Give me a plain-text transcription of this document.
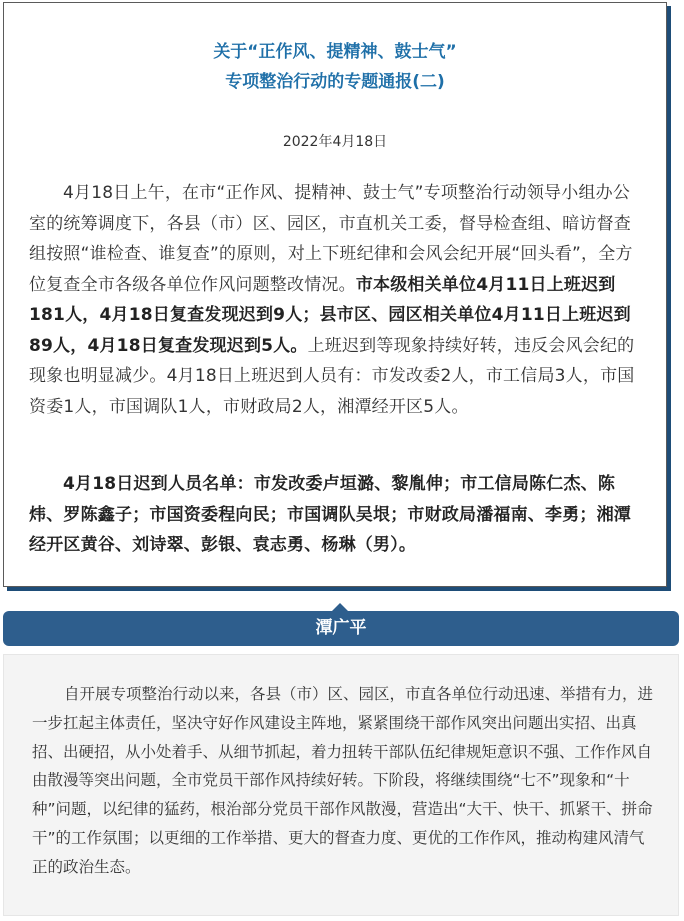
关于“正作风、提精神、鼓士气”
专项整治行动的专题通报(二)

2022年4月18日

4月18日上午，在市“正作风、提精神、鼓士气”专项整治行动领导小组办公室的统筹调度下，各县（市）区、园区，市直机关工委，督导检查组、暗访督查组按照“谁检查、谁复查”的原则，对上下班纪律和会风会纪开展“回头看”，全方位复查全市各级各单位作风问题整改情况。市本级相关单位4月11日上班迟到181人，4月18日复查发现迟到9人；县市区、园区相关单位4月11日上班迟到89人，4月18日复查发现迟到5人。上班迟到等现象持续好转，违反会风会纪的现象也明显减少。4月18日上班迟到人员有：市发改委2人，市工信局3人，市国资委1人，市国调队1人，市财政局2人，湘潭经开区5人。

4月18日迟到人员名单：市发改委卢垣潞、黎胤伸；市工信局陈仁杰、陈炜、罗陈鑫子；市国资委程向民；市国调队吴垠；市财政局潘福南、李勇；湘潭经开区黄谷、刘诗翠、彭银、袁志勇、杨琳（男）。

潭广平

自开展专项整治行动以来，各县（市）区、园区，市直各单位行动迅速、举措有力，进一步扛起主体责任，坚决守好作风建设主阵地，紧紧围绕干部作风突出问题出实招、出真招、出硬招，从小处着手、从细节抓起，着力扭转干部队伍纪律规矩意识不强、工作作风自由散漫等突出问题，全市党员干部作风持续好转。下阶段，将继续围绕“七不”现象和“十种”问题，以纪律的猛药，根治部分党员干部作风散漫，营造出“大干、快干、抓紧干、拼命干”的工作氛围；以更细的工作举措、更大的督查力度、更优的工作作风，推动构建风清气正的政治生态。
